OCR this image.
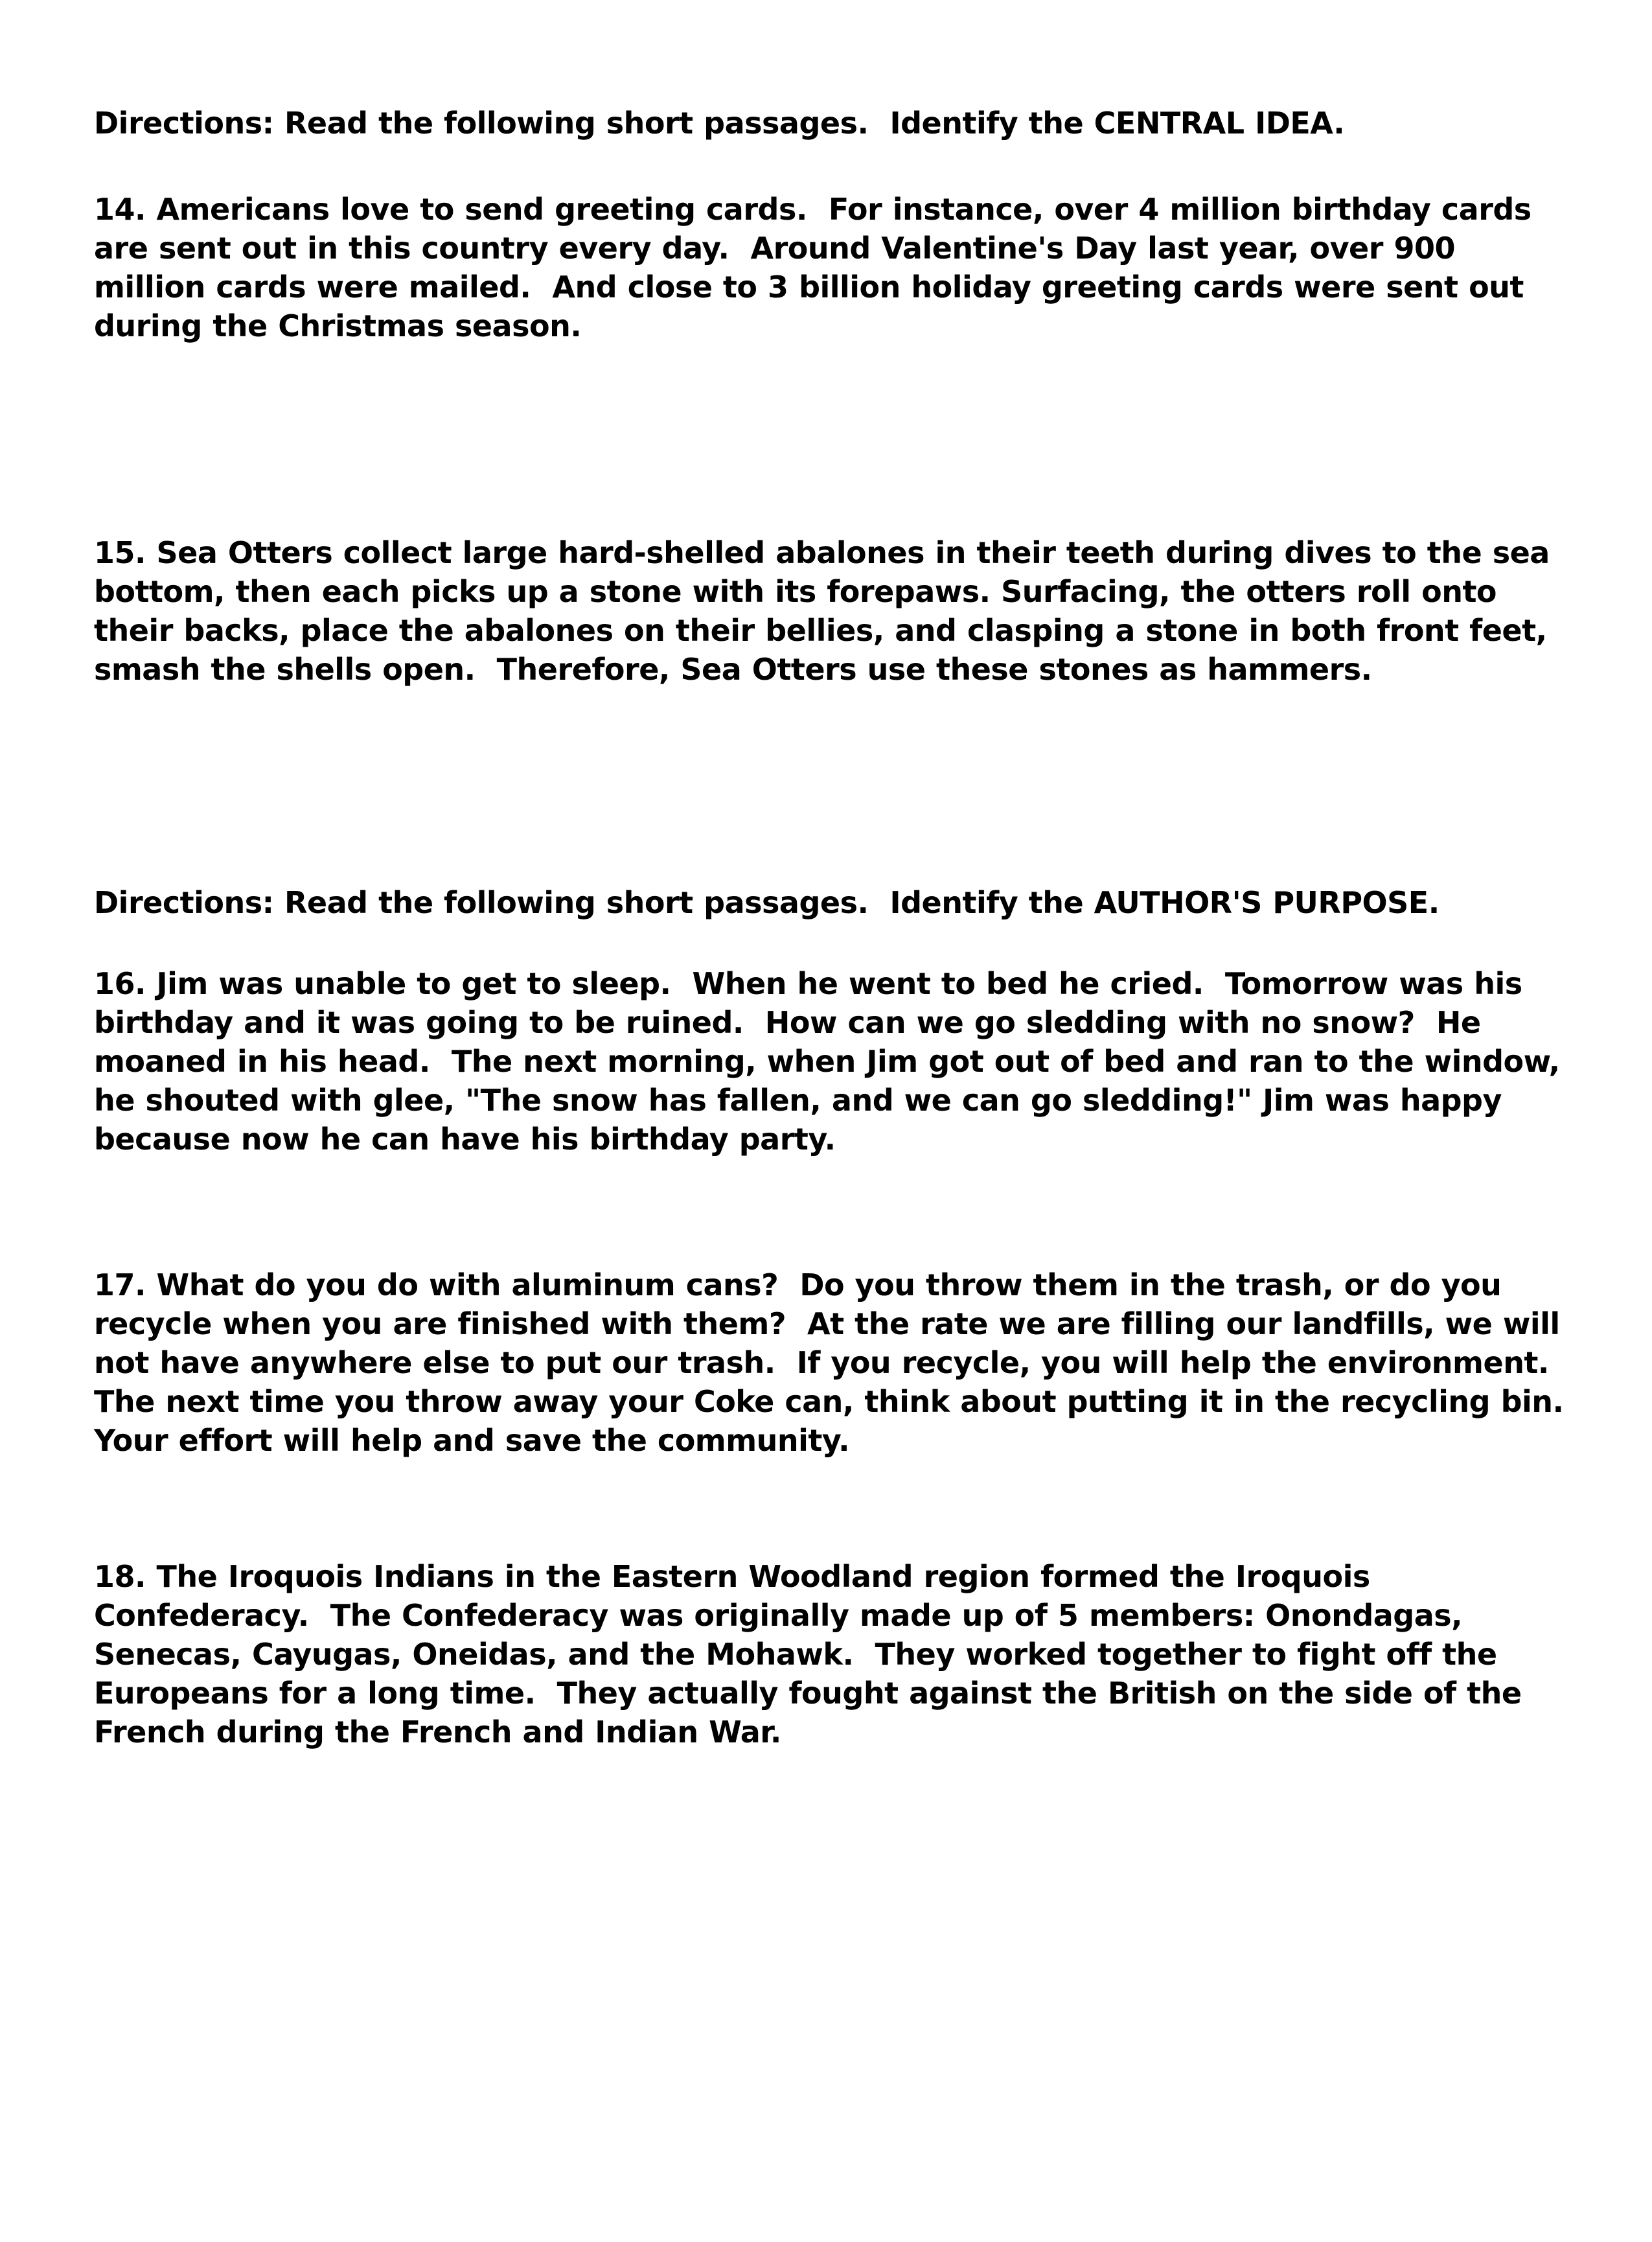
Directions: Read the following short passages.  Identify the CENTRAL IDEA.
14. Americans love to send greeting cards.  For instance, over 4 million birthday cards are sent out in this country every day.  Around Valentine's Day last year, over 900 million cards were mailed.  And close to 3 billion holiday greeting cards were sent out during the Christmas season.
15. Sea Otters collect large hard-shelled abalones in their teeth during dives to the sea bottom, then each picks up a stone with its forepaws. Surfacing, the otters roll onto their backs, place the abalones on their bellies, and clasping a stone in both front feet, smash the shells open.  Therefore, Sea Otters use these stones as hammers.
Directions: Read the following short passages.  Identify the AUTHOR'S PURPOSE.
16. Jim was unable to get to sleep.  When he went to bed he cried.  Tomorrow was his birthday and it was going to be ruined.  How can we go sledding with no snow?  He moaned in his head.  The next morning, when Jim got out of bed and ran to the window, he shouted with glee, "The snow has fallen, and we can go sledding!" Jim was happy because now he can have his birthday party.
17. What do you do with aluminum cans?  Do you throw them in the trash, or do you recycle when you are finished with them?  At the rate we are filling our landfills, we will not have anywhere else to put our trash.  If you recycle, you will help the environment.  The next time you throw away your Coke can, think about putting it in the recycling bin.  Your effort will help and save the community.
18. The Iroquois Indians in the Eastern Woodland region formed the Iroquois Confederacy.  The Confederacy was originally made up of 5 members: Onondagas, Senecas, Cayugas, Oneidas, and the Mohawk.  They worked together to fight off the Europeans for a long time.  They actually fought against the British on the side of the French during the French and Indian War.
